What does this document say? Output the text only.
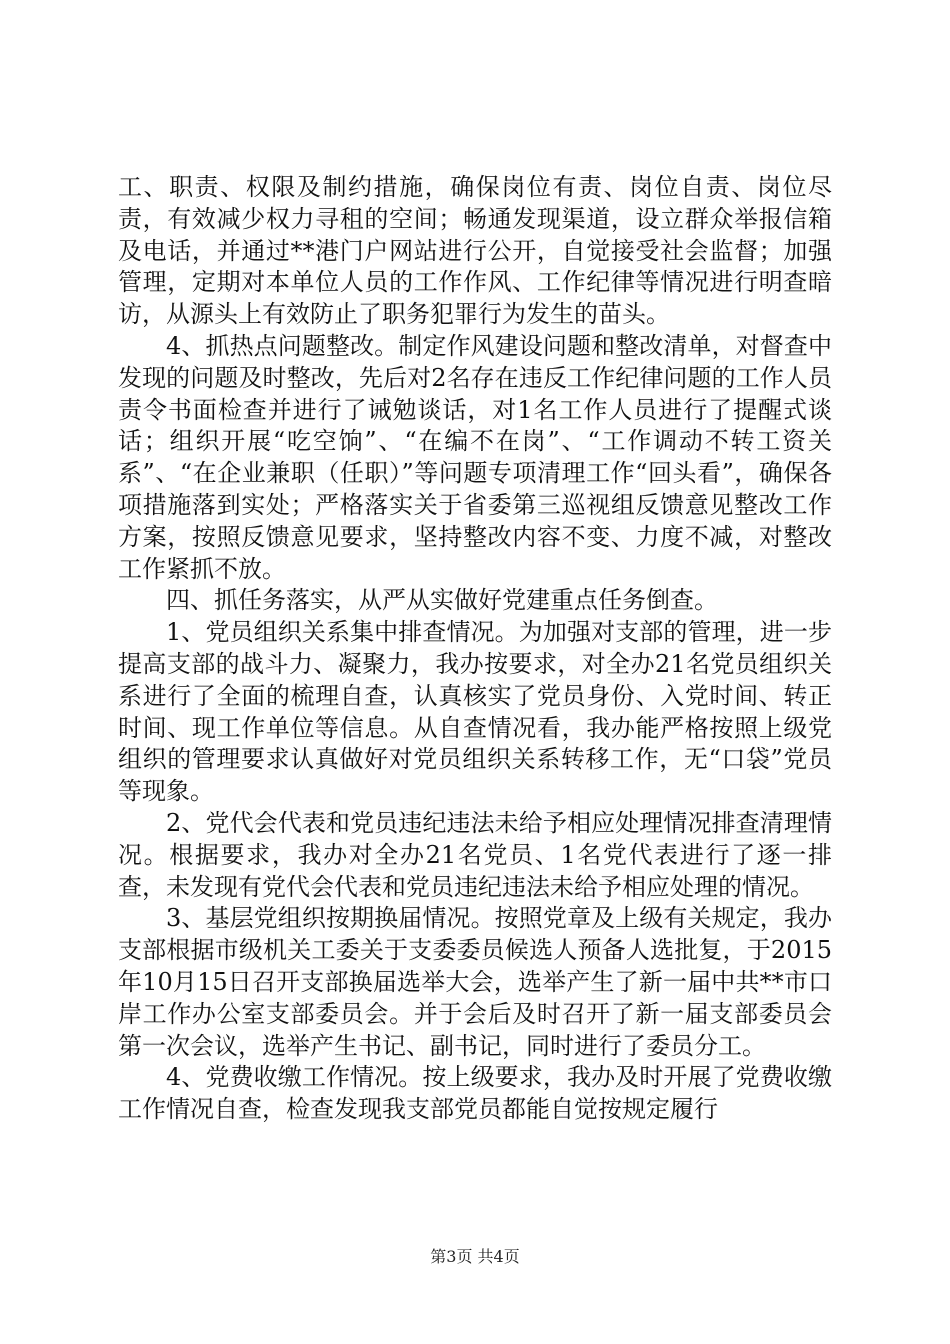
工、职责、权限及制约措施，确保岗位有责、岗位自责、岗位尽责，有效减少权力寻租的空间；畅通发现渠道，设立群众举报信箱及电话，并通过**港门户网站进行公开，自觉接受社会监督；加强管理，定期对本单位人员的工作作风、工作纪律等情况进行明查暗访，从源头上有效防止了职务犯罪行为发生的苗头。

4、抓热点问题整改。制定作风建设问题和整改清单，对督查中发现的问题及时整改，先后对2名存在违反工作纪律问题的工作人员责令书面检查并进行了诫勉谈话，对1名工作人员进行了提醒式谈话；组织开展“吃空饷”、“在编不在岗”、“工作调动不转工资关系”、“在企业兼职（任职）”等问题专项清理工作“回头看”，确保各项措施落到实处；严格落实关于省委第三巡视组反馈意见整改工作方案，按照反馈意见要求，坚持整改内容不变、力度不减，对整改工作紧抓不放。

四、抓任务落实，从严从实做好党建重点任务倒查。

1、党员组织关系集中排查情况。为加强对支部的管理，进一步提高支部的战斗力、凝聚力，我办按要求，对全办21名党员组织关系进行了全面的梳理自查，认真核实了党员身份、入党时间、转正时间、现工作单位等信息。从自查情况看，我办能严格按照上级党组织的管理要求认真做好对党员组织关系转移工作，无“口袋”党员等现象。

2、党代会代表和党员违纪违法未给予相应处理情况排查清理情况。根据要求，我办对全办21名党员、1名党代表进行了逐一排查，未发现有党代会代表和党员违纪违法未给予相应处理的情况。

3、基层党组织按期换届情况。按照党章及上级有关规定，我办支部根据市级机关工委关于支委委员候选人预备人选批复，于2015年10月15日召开支部换届选举大会，选举产生了新一届中共**市口岸工作办公室支部委员会。并于会后及时召开了新一届支部委员会第一次会议，选举产生书记、副书记，同时进行了委员分工。

4、党费收缴工作情况。按上级要求，我办及时开展了党费收缴工作情况自查，检查发现我支部党员都能自觉按规定履行

第3页 共4页
